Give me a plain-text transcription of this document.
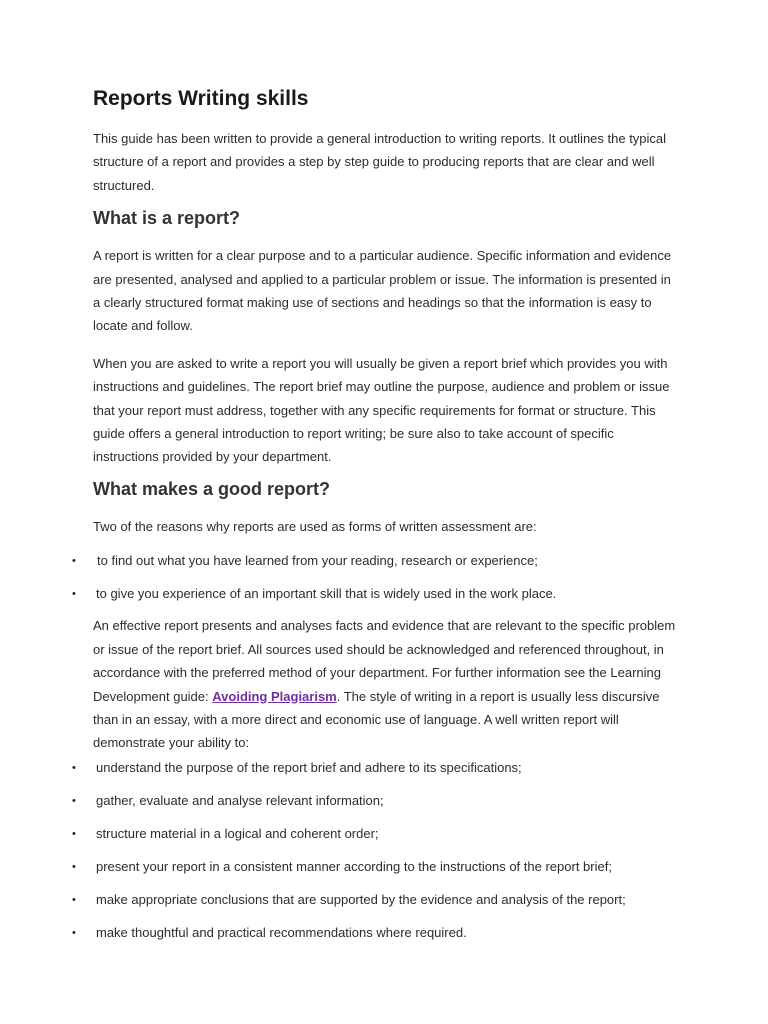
Reports Writing skills

This guide has been written to provide a general introduction to writing reports. It outlines the typical structure of a report and provides a step by step guide to producing reports that are clear and well structured.

What is a report?

A report is written for a clear purpose and to a particular audience. Specific information and evidence are presented, analysed and applied to a particular problem or issue. The information is presented in a clearly structured format making use of sections and headings so that the information is easy to locate and follow.

When you are asked to write a report you will usually be given a report brief which provides you with instructions and guidelines. The report brief may outline the purpose, audience and problem or issue that your report must address, together with any specific requirements for format or structure. This guide offers a general introduction to report writing; be sure also to take account of specific instructions provided by your department.

What makes a good report?

Two of the reasons why reports are used as forms of written assessment are:

• to find out what you have learned from your reading, research or experience;
• to give you experience of an important skill that is widely used in the work place.

An effective report presents and analyses facts and evidence that are relevant to the specific problem or issue of the report brief. All sources used should be acknowledged and referenced throughout, in accordance with the preferred method of your department. For further information see the Learning Development guide: Avoiding Plagiarism. The style of writing in a report is usually less discursive than in an essay, with a more direct and economic use of language. A well written report will demonstrate your ability to:

• understand the purpose of the report brief and adhere to its specifications;
• gather, evaluate and analyse relevant information;
• structure material in a logical and coherent order;
• present your report in a consistent manner according to the instructions of the report brief;
• make appropriate conclusions that are supported by the evidence and analysis of the report;
• make thoughtful and practical recommendations where required.
